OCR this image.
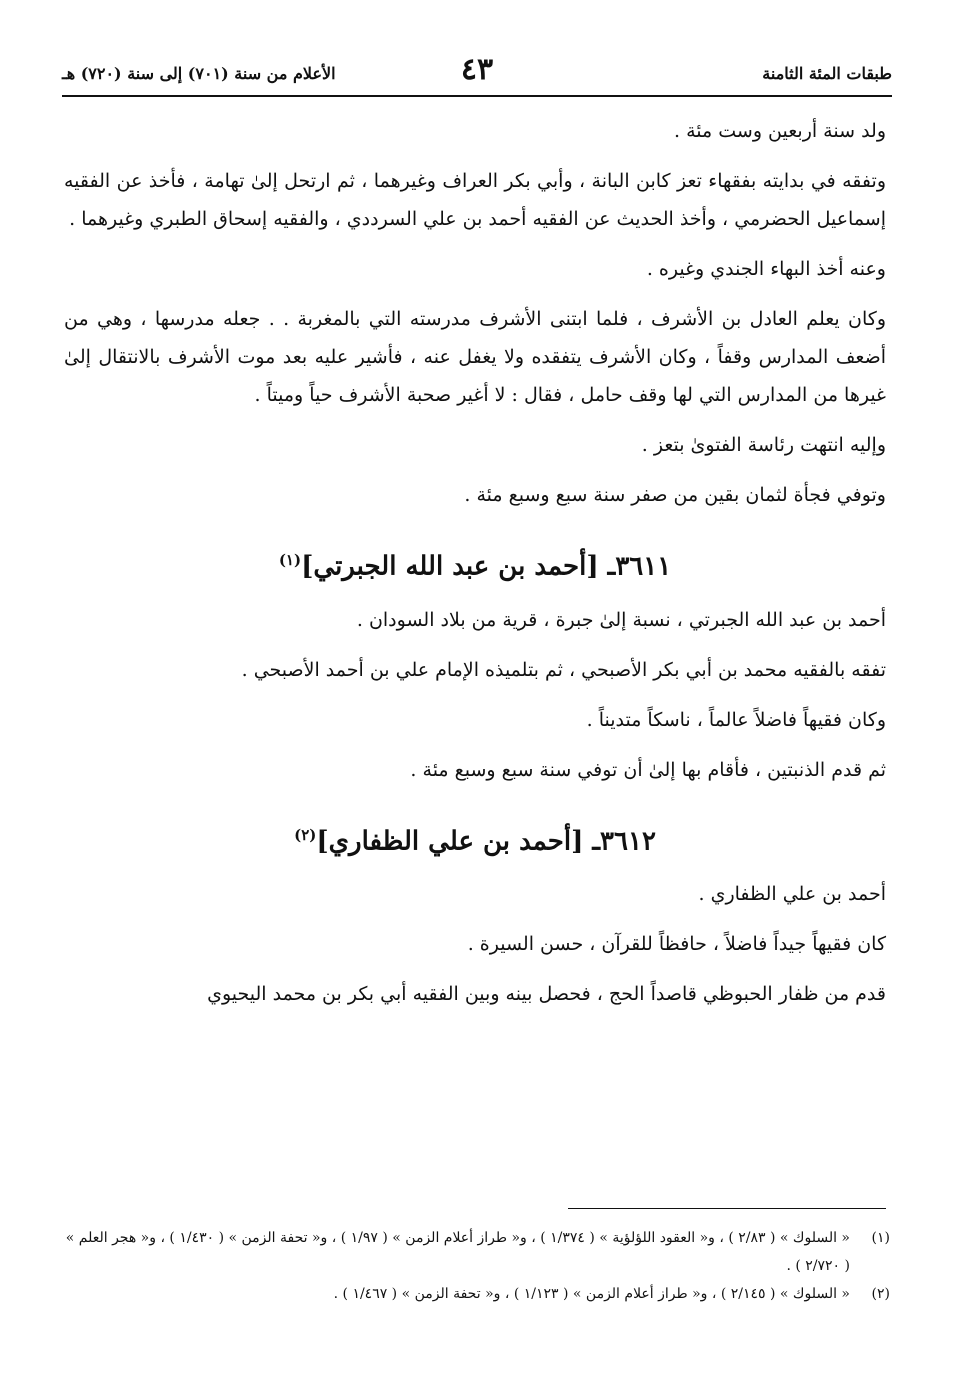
طبقات المئة الثامنة
٤٣
الأعلام من سنة (٧٠١) إلى سنة (٧٢٠) هـ

ولد سنة أربعين وست مئة .

وتفقه في بدايته بفقهاء تعز كابن البانة ، وأبي بكر العراف وغيرهما ، ثم ارتحل إلىٰ تهامة ، فأخذ عن الفقيه إسماعيل الحضرمي ، وأخذ الحديث عن الفقيه أحمد بن علي السرددي ، والفقيه إسحاق الطبري وغيرهما .

وعنه أخذ البهاء الجندي وغيره .

وكان يعلم العادل بن الأشرف ، فلما ابتنى الأشرف مدرسته التي بالمغربة . . جعله مدرسها ، وهي من أضعف المدارس وقفاً ، وكان الأشرف يتفقده ولا يغفل عنه ، فأشير عليه بعد موت الأشرف بالانتقال إلىٰ غيرها من المدارس التي لها وقف حامل ، فقال : لا أغير صحبة الأشرف حياً وميتاً .

وإليه انتهت رئاسة الفتوىٰ بتعز .

وتوفي فجأة لثمان بقين من صفر سنة سبع وسبع مئة .

٣٦١١ـ [أحمد بن عبد الله الجبرتي]$^{(١)}$

أحمد بن عبد الله الجبرتي ، نسبة إلىٰ جبرة ، قرية من بلاد السودان .

تفقه بالفقيه محمد بن أبي بكر الأصبحي ، ثم بتلميذه الإمام علي بن أحمد الأصبحي .

وكان فقيهاً فاضلاً عالماً ، ناسكاً متديناً .

ثم قدم الذنبتين ، فأقام بها إلىٰ أن توفي سنة سبع وسبع مئة .

٣٦١٢ـ [أحمد بن علي الظفاري]$^{(٢)}$

أحمد بن علي الظفاري .

كان فقيهاً جيداً فاضلاً ، حافظاً للقرآن ، حسن السيرة .

قدم من ظفار الحبوظي قاصداً الحج ، فحصل بينه وبين الفقيه أبي بكر بن محمد اليحيوي

(١)
« السلوك » ( ٢/٨٣ ) ، و« العقود اللؤلؤية » ( ١/٣٧٤ ) ، و« طراز أعلام الزمن » ( ١/٩٧ ) ، و« تحفة الزمن » ( ١/٤٣٠ ) ، و« هجر العلم » ( ٢/٧٢٠ ) .
(٢)
« السلوك » ( ٢/١٤٥ ) ، و« طراز أعلام الزمن » ( ١/١٢٣ ) ، و« تحفة الزمن » ( ١/٤٦٧ ) .
